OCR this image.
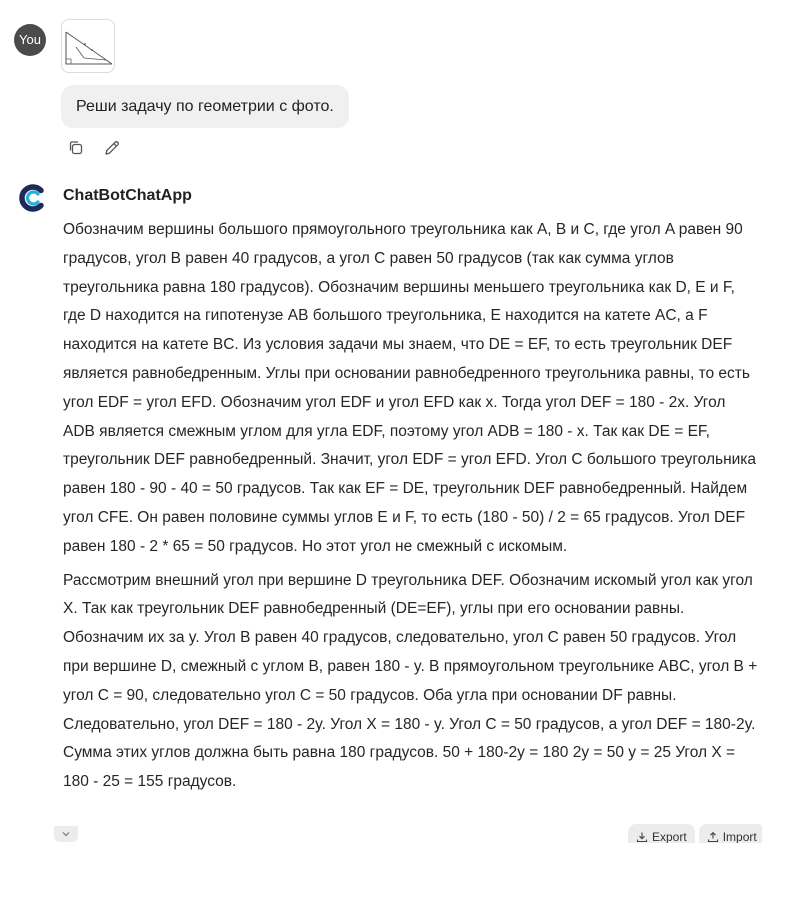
You
Реши задачу по геометрии с фото.
ChatBotChatApp

Обозначим вершины большого прямоугольного треугольника как A, B и C, где угол A равен 90 градусов, угол B равен 40 градусов, а угол C равен 50 градусов (так как сумма углов треугольника равна 180 градусов). Обозначим вершины меньшего треугольника как D, E и F, где D находится на гипотенузе AB большого треугольника, E находится на катете AC, а F находится на катете BC. Из условия задачи мы знаем, что DE = EF, то есть треугольник DEF является равнобедренным. Углы при основании равнобедренного треугольника равны, то есть угол EDF = угол EFD. Обозначим угол EDF и угол EFD как x. Тогда угол DEF = 180 - 2x. Угол ADB является смежным углом для угла EDF, поэтому угол ADB = 180 - x. Так как DE = EF, треугольник DEF равнобедренный. Значит, угол EDF = угол EFD. Угол C большого треугольника равен 180 - 90 - 40 = 50 градусов. Так как EF = DE, треугольник DEF равнобедренный. Найдем угол CFE. Он равен половине суммы углов E и F, то есть (180 - 50) / 2 = 65 градусов. Угол DEF равен 180 - 2 * 65 = 50 градусов. Но этот угол не смежный с искомым.

Рассмотрим внешний угол при вершине D треугольника DEF. Обозначим искомый угол как угол X. Так как треугольник DEF равнобедренный (DE=EF), углы при его основании равны. Обозначим их за y. Угол B равен 40 градусов, следовательно, угол C равен 50 градусов. Угол при вершине D, смежный с углом B, равен 180 - y. В прямоугольном треугольнике ABC, угол B + угол C = 90, следовательно угол C = 50 градусов. Оба угла при основании DF равны. Следовательно, угол DEF = 180 - 2y. Угол X = 180 - y. Угол C = 50 градусов, а угол DEF = 180-2y. Сумма этих углов должна быть равна 180 градусов. 50 + 180-2y = 180 2y = 50 y = 25 Угол X = 180 - 25 = 155 градусов.

Export	Import
